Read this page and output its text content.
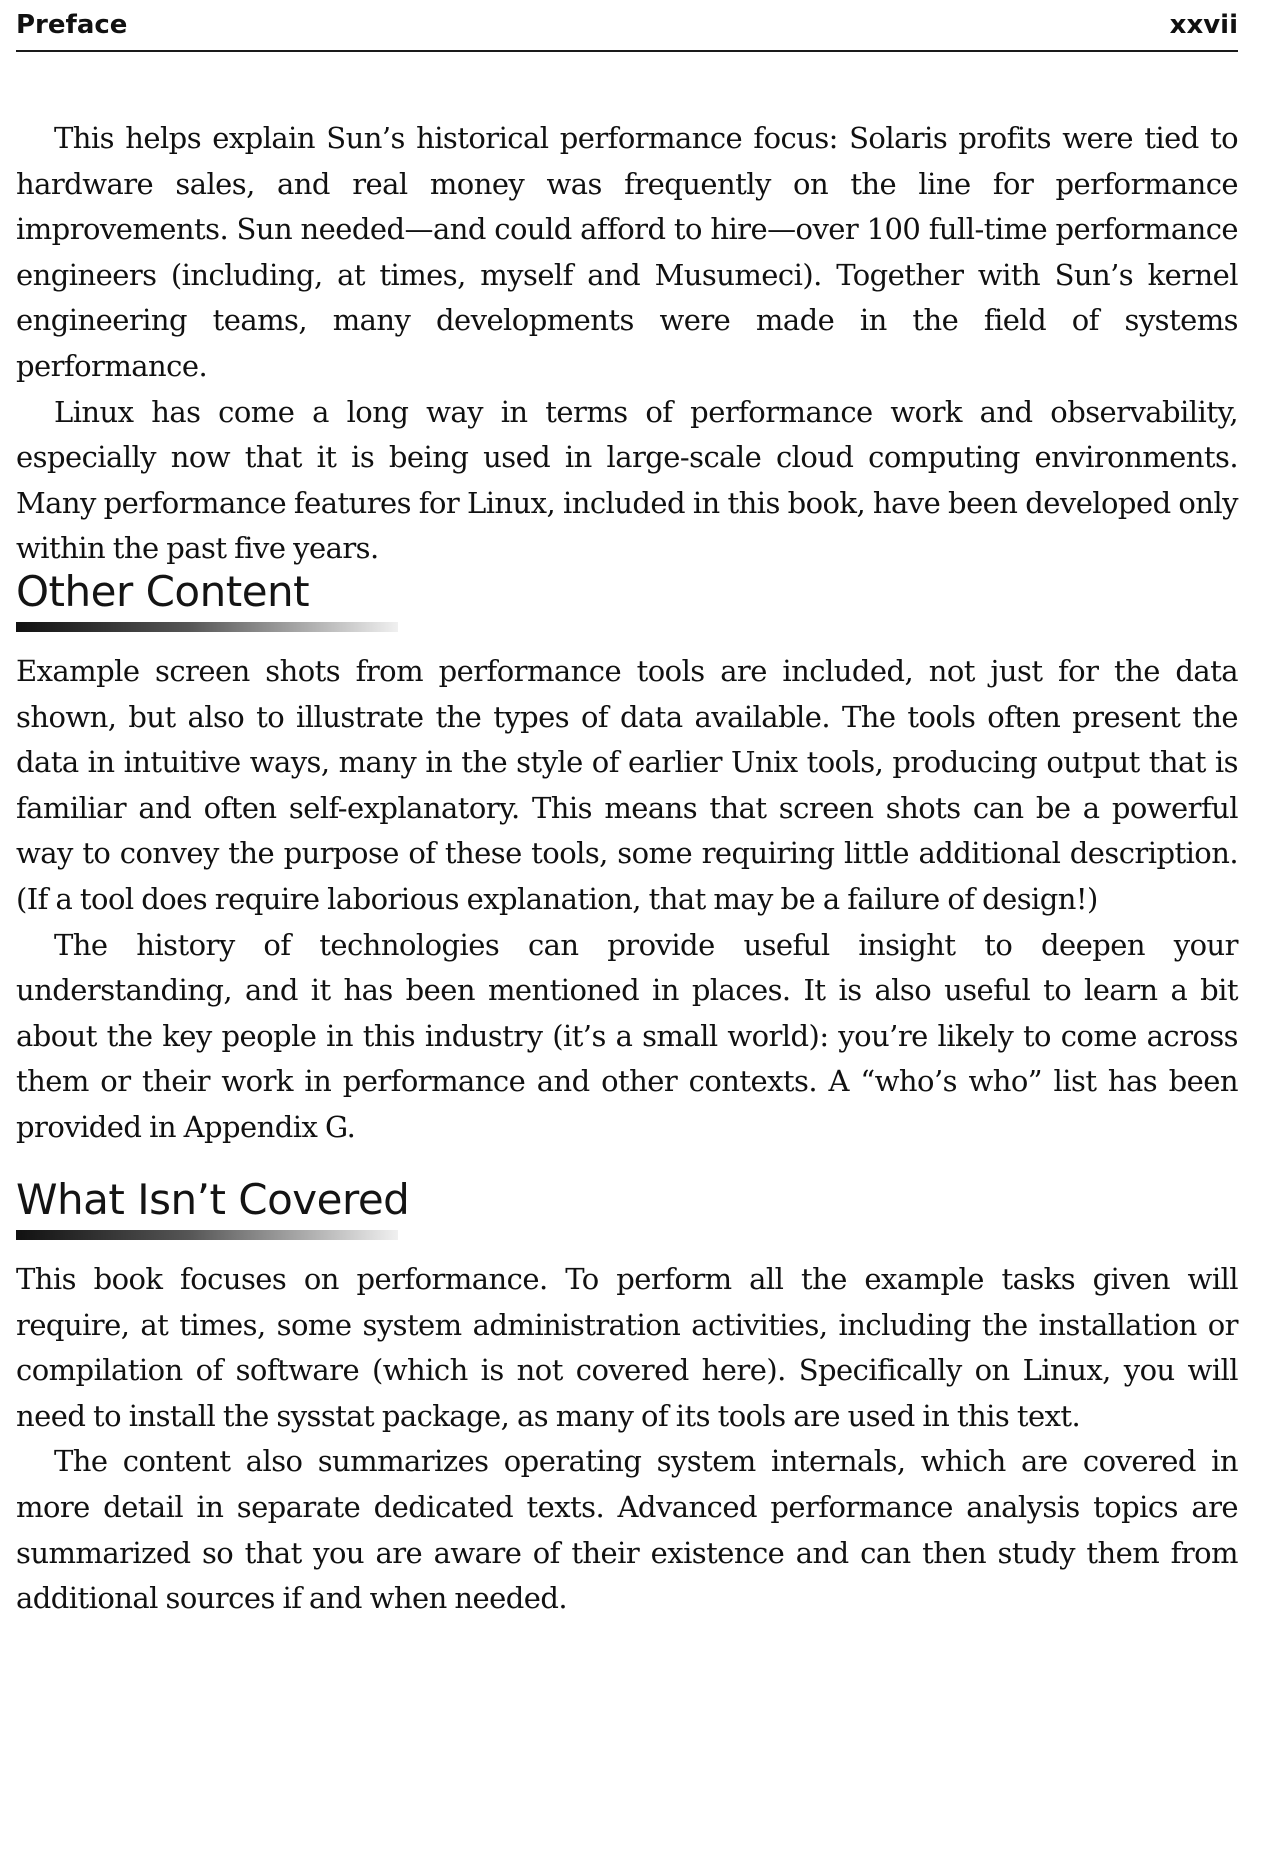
Preface	xxvii

This helps explain Sun’s historical performance focus: Solaris profits were tied to hardware sales, and real money was frequently on the line for performance improvements. Sun needed—and could afford to hire—over 100 full-time performance engineers (including, at times, myself and Musumeci). Together with Sun’s kernel engineering teams, many developments were made in the field of systems performance.

Linux has come a long way in terms of performance work and observability, especially now that it is being used in large-scale cloud computing environments. Many performance features for Linux, included in this book, have been developed only within the past five years.

Other Content

Example screen shots from performance tools are included, not just for the data shown, but also to illustrate the types of data available. The tools often present the data in intuitive ways, many in the style of earlier Unix tools, producing output that is familiar and often self-explanatory. This means that screen shots can be a powerful way to convey the purpose of these tools, some requiring little additional description. (If a tool does require laborious explanation, that may be a failure of design!)

The history of technologies can provide useful insight to deepen your understanding, and it has been mentioned in places. It is also useful to learn a bit about the key people in this industry (it’s a small world): you’re likely to come across them or their work in performance and other contexts. A “who’s who” list has been provided in Appendix G.

What Isn’t Covered

This book focuses on performance. To perform all the example tasks given will require, at times, some system administration activities, including the installation or compilation of software (which is not covered here). Specifically on Linux, you will need to install the sysstat package, as many of its tools are used in this text.

The content also summarizes operating system internals, which are covered in more detail in separate dedicated texts. Advanced performance analysis topics are summarized so that you are aware of their existence and can then study them from additional sources if and when needed.
